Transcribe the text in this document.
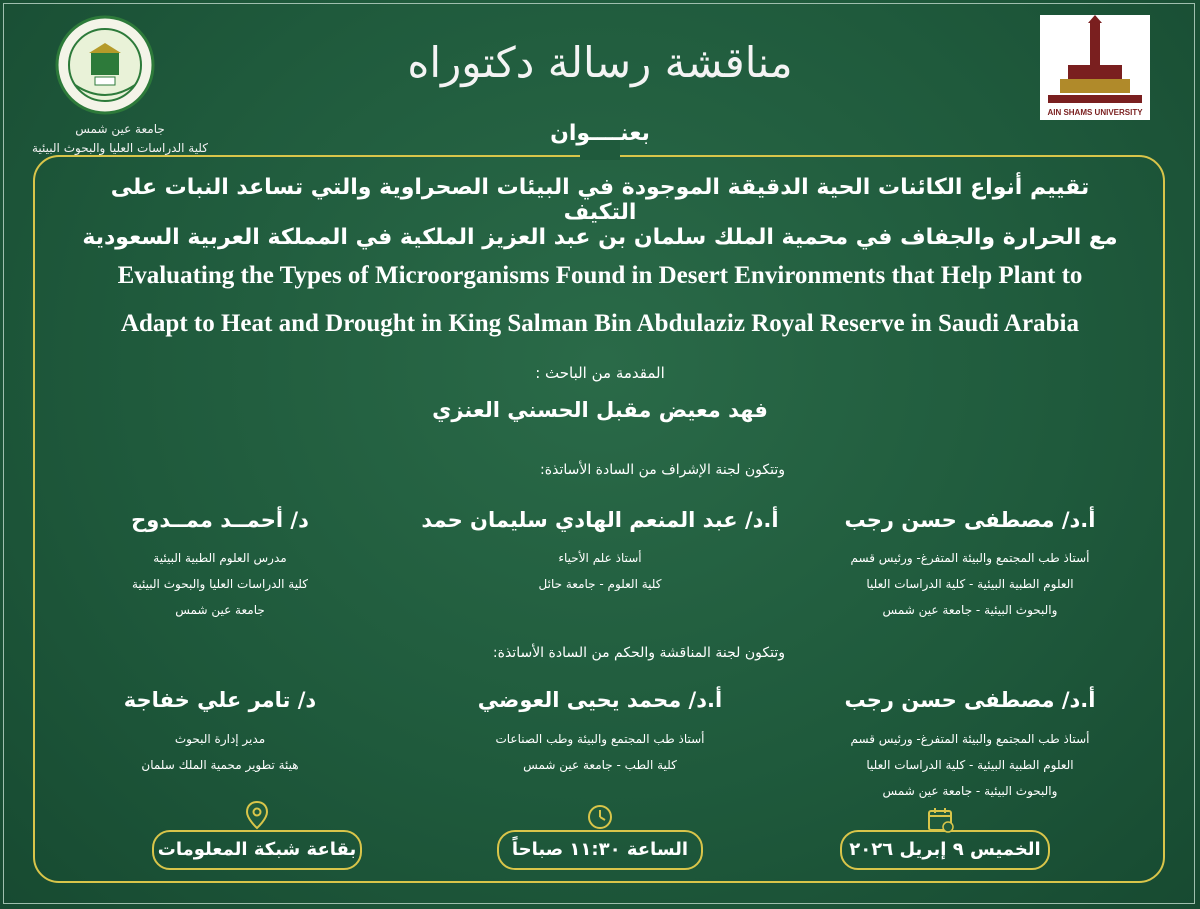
جامعة عين شمس
كلية الدراسات العليا والبحوث البيئية
AIN SHAMS UNIVERSITY
مناقشة رسالة دكتوراه
بعنــــوان
تقييم أنواع الكائنات الحية الدقيقة الموجودة في البيئات الصحراوية والتي تساعد النبات على التكيف
مع الحرارة والجفاف في محمية الملك سلمان بن عبد العزيز الملكية في المملكة العربية السعودية
Evaluating the Types of Microorganisms Found in Desert Environments that Help Plant to
Adapt to Heat and Drought in King Salman Bin Abdulaziz Royal Reserve in Saudi Arabia
المقدمة من الباحث :
فهد معيض مقبل الحسني العنزي
وتتكون لجنة الإشراف من السادة الأساتذة:
أ.د/ مصطفى حسن رجب
أستاذ طب المجتمع والبيئة المتفرغ- ورئيس قسم
العلوم الطبية البيئية - كلية الدراسات العليا
والبحوث البيئية - جامعة عين شمس
أ.د/ عبد المنعم الهادي سليمان حمد
أستاذ علم الأحياء
كلية العلوم - جامعة حائل
د/ أحمــد ممــدوح
مدرس العلوم الطبية البيئية
كلية الدراسات العليا والبحوث البيئية
جامعة عين شمس
وتتكون لجنة المناقشة والحكم من السادة الأساتذة:
أ.د/ مصطفى حسن رجب
أستاذ طب المجتمع والبيئة المتفرغ- ورئيس قسم
العلوم الطبية البيئية - كلية الدراسات العليا
والبحوث البيئية - جامعة عين شمس
أ.د/ محمد يحيى العوضي
أستاذ طب المجتمع والبيئة وطب الصناعات
كلية الطب - جامعة عين شمس
د/ تامر علي خفاجة
مدير إدارة البحوث
هيئة تطوير محمية الملك سلمان
الخميس ٩ إبريل ٢٠٢٦
الساعة ١١:٣٠ صباحاً
بقاعة شبكة المعلومات
